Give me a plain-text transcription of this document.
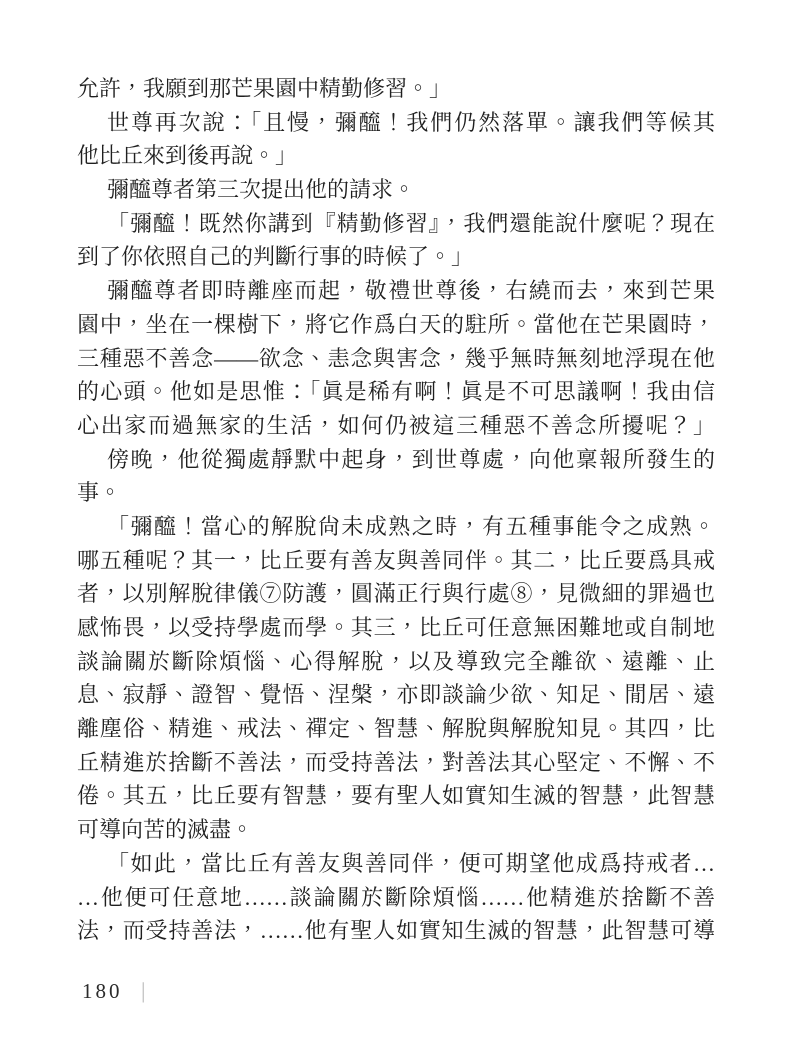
允許，我願到那芒果園中精勤修習。」
世尊再次說：「且慢，彌醯！我們仍然落單。讓我們等候其
他比丘來到後再說。」
彌醯尊者第三次提出他的請求。
「彌醯！既然你講到『精勤修習』，我們還能說什麼呢？現在
到了你依照自己的判斷行事的時候了。」
彌醯尊者即時離座而起，敬禮世尊後，右繞而去，來到芒果
園中，坐在一棵樹下，將它作爲白天的駐所。當他在芒果園時，
三種惡不善念——欲念、恚念與害念，幾乎無時無刻地浮現在他
的心頭。他如是思惟：「眞是稀有啊！眞是不可思議啊！我由信
心出家而過無家的生活，如何仍被這三種惡不善念所擾呢？」
傍晚，他從獨處靜默中起身，到世尊處，向他稟報所發生的
事。
「彌醯！當心的解脫尙未成熟之時，有五種事能令之成熟。
哪五種呢？其一，比丘要有善友與善同伴。其二，比丘要爲具戒
者，以別解脫律儀⑦防護，圓滿正行與行處⑧，見微細的罪過也
感怖畏，以受持學處而學。其三，比丘可任意無困難地或自制地
談論關於斷除煩惱、心得解脫，以及導致完全離欲、遠離、止
息、寂靜、證智、覺悟、涅槃，亦即談論少欲、知足、閒居、遠
離塵俗、精進、戒法、禪定、智慧、解脫與解脫知見。其四，比
丘精進於捨斷不善法，而受持善法，對善法其心堅定、不懈、不
倦。其五，比丘要有智慧，要有聖人如實知生滅的智慧，此智慧
可導向苦的滅盡。
「如此，當比丘有善友與善同伴，便可期望他成爲持戒者…
…他便可任意地……談論關於斷除煩惱……他精進於捨斷不善
法，而受持善法，……他有聖人如實知生滅的智慧，此智慧可導
180 |
